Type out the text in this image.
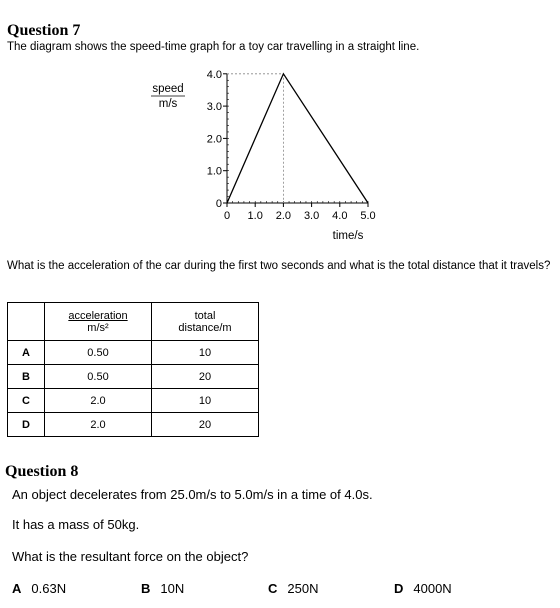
Question 7
The diagram shows the speed-time graph for a toy car travelling in a straight line.
0
1.0
2.0
3.0
4.0
0 1.0 2.0 3.0 4.0 5.0
speed
m/s
time/s
What is the acceleration of the car during the first two seconds and what is the total distance that it travels?
	acceleration
m/s²	total
distance/m
A	0.50	10
B	0.50	20
C	2.0	10
D	2.0	20
Question 8
An object decelerates from 25.0m/s to 5.0m/s in a time of 4.0s.
It has a mass of 50kg.
What is the resultant force on the object?
A 0.63N	B 10N	C 250N	D 4000N
